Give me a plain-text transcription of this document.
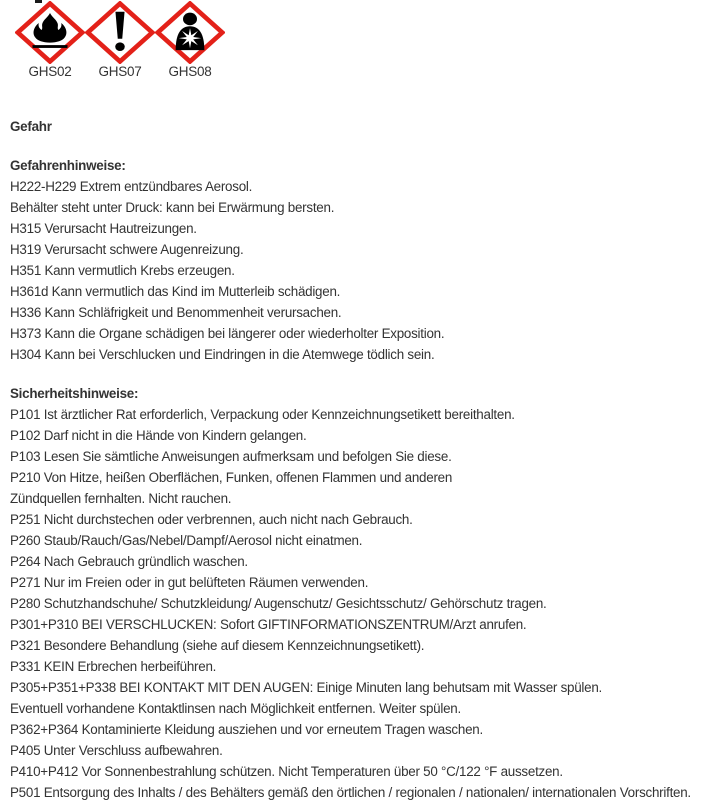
GHS02 GHS07 GHS08

Gefahr

Gefahrenhinweise:

H222-H229 Extrem entzündbares Aerosol.

Behälter steht unter Druck: kann bei Erwärmung bersten.

H315 Verursacht Hautreizungen.

H319 Verursacht schwere Augenreizung.

H351 Kann vermutlich Krebs erzeugen.

H361d Kann vermutlich das Kind im Mutterleib schädigen.

H336 Kann Schläfrigkeit und Benommenheit verursachen.

H373 Kann die Organe schädigen bei längerer oder wiederholter Exposition.

H304 Kann bei Verschlucken und Eindringen in die Atemwege tödlich sein.

Sicherheitshinweise:

P101 Ist ärztlicher Rat erforderlich, Verpackung oder Kennzeichnungsetikett bereithalten.

P102 Darf nicht in die Hände von Kindern gelangen.

P103 Lesen Sie sämtliche Anweisungen aufmerksam und befolgen Sie diese.

P210 Von Hitze, heißen Oberflächen, Funken, offenen Flammen und anderen

Zündquellen fernhalten. Nicht rauchen.

P251 Nicht durchstechen oder verbrennen, auch nicht nach Gebrauch.

P260 Staub/Rauch/Gas/Nebel/Dampf/Aerosol nicht einatmen.

P264 Nach Gebrauch gründlich waschen.

P271 Nur im Freien oder in gut belüfteten Räumen verwenden.

P280 Schutzhandschuhe/ Schutzkleidung/ Augenschutz/ Gesichtsschutz/ Gehörschutz tragen.

P301+P310 BEI VERSCHLUCKEN: Sofort GIFTINFORMATIONSZENTRUM/Arzt anrufen.

P321 Besondere Behandlung (siehe auf diesem Kennzeichnungsetikett).

P331 KEIN Erbrechen herbeiführen.

P305+P351+P338 BEI KONTAKT MIT DEN AUGEN: Einige Minuten lang behutsam mit Wasser spülen.

Eventuell vorhandene Kontaktlinsen nach Möglichkeit entfernen. Weiter spülen.

P362+P364 Kontaminierte Kleidung ausziehen und vor erneutem Tragen waschen.

P405 Unter Verschluss aufbewahren.

P410+P412 Vor Sonnenbestrahlung schützen. Nicht Temperaturen über 50 °C/122 °F aussetzen.

P501 Entsorgung des Inhalts / des Behälters gemäß den örtlichen / regionalen / nationalen/ internationalen Vorschriften.
